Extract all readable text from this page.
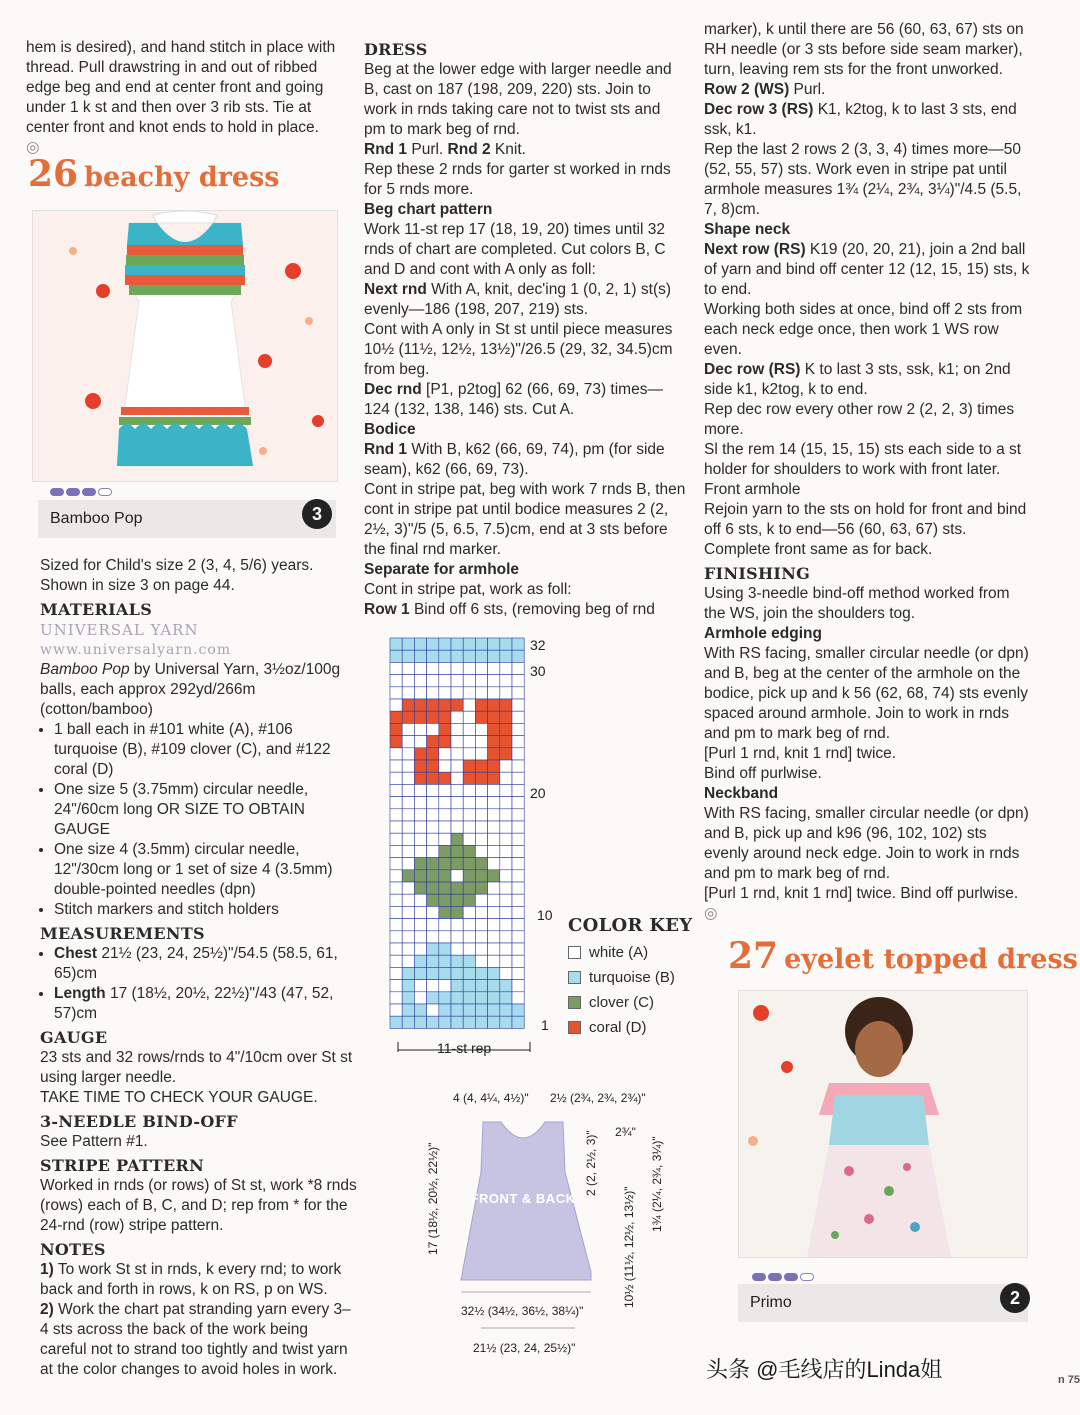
hem is desired), and hand stitch in place with thread. Pull drawstring in and out of ribbed edge beg and end at center front and going under 1 k st and then over 3 rib sts. Tie at center front and knot ends to hold in place. ◎

26 beachy dress
Bamboo Pop	3

Sized for Child's size 2 (3, 4, 5/6) years. Shown in size 3 on page 44.

MATERIALS

UNIVERSAL YARN

www.universalyarn.com

Bamboo Pop by Universal Yarn, 3½oz/100g balls, each approx 292yd/266m (cotton/bamboo)

• 1 ball each in #101 white (A), #106 turquoise (B), #109 clover (C), and #122 coral (D)
• One size 5 (3.75mm) circular needle, 24"/60cm long OR SIZE TO OBTAIN GAUGE
• One size 4 (3.5mm) circular needle, 12"/30cm long or 1 set of size 4 (3.5mm) double-pointed needles (dpn)
• Stitch markers and stitch holders

MEASUREMENTS

• Chest 21½ (23, 24, 25½)"/54.5 (58.5, 61, 65)cm
• Length 17 (18½, 20½, 22½)"/43 (47, 52, 57)cm

GAUGE

23 sts and 32 rows/rnds to 4"/10cm over St st using larger needle.

TAKE TIME TO CHECK YOUR GAUGE.

3-NEEDLE BIND-OFF

See Pattern #1.

STRIPE PATTERN

Worked in rnds (or rows) of St st, work *8 rnds (rows) each of B, C, and D; rep from * for the 24-rnd (row) stripe pattern.

NOTES

1) To work St st in rnds, k every rnd; to work back and forth in rows, k on RS, p on WS.

2) Work the chart pat stranding yarn every 3–4 sts across the back of the work being careful not to strand too tightly and twist yarn at the color changes to avoid holes in work.

DRESS

Beg at the lower edge with larger needle and B, cast on 187 (198, 209, 220) sts. Join to work in rnds taking care not to twist sts and pm to mark beg of rnd.

Rnd 1 Purl. Rnd 2 Knit.

Rep these 2 rnds for garter st worked in rnds for 5 rnds more.

Beg chart pattern

Work 11-st rep 17 (18, 19, 20) times until 32 rnds of chart are completed. Cut colors B, C and D and cont with A only as foll:

Next rnd With A, knit, dec'ing 1 (0, 2, 1) st(s) evenly—186 (198, 207, 219) sts.

Cont with A only in St st until piece measures 10½ (11½, 12½, 13½)"/26.5 (29, 32, 34.5)cm from beg.

Dec rnd [P1, p2tog] 62 (66, 69, 73) times—124 (132, 138, 146) sts. Cut A.

Bodice

Rnd 1 With B, k62 (66, 69, 74), pm (for side seam), k62 (66, 69, 73).

Cont in stripe pat, beg with work 7 rnds B, then cont in stripe pat until bodice measures 2 (2, 2½, 3)"/5 (5, 6.5, 7.5)cm, end at 3 sts before the final rnd marker.

Separate for armhole

Cont in stripe pat, work as foll:

Row 1 Bind off 6 sts, (removing beg of rnd

32
30
20
10
1
11-st rep

COLOR KEY

white (A)
turquoise (B)
clover (C)
coral (D)
4 (4, 4¼, 4½)" 2½ (2¾, 2¾, 2¾)"
FRONT & BACK
17 (18½, 20½, 22½)"	2 (2, 2½, 3)" 2¾"
10½ (11½, 12½, 13½)"
1¾ (2¼, 2¾, 3¼)"
32½ (34½, 36½, 38¼)"
21½ (23, 24, 25½)"

marker), k until there are 56 (60, 63, 67) sts on RH needle (or 3 sts before side seam marker), turn, leaving rem sts for the front unworked. Row 2 (WS) Purl.

Dec row 3 (RS) K1, k2tog, k to last 3 sts, end ssk, k1.

Rep the last 2 rows 2 (3, 3, 4) times more—50 (52, 55, 57) sts. Work even in stripe pat until armhole measures 1¾ (2¼, 2¾, 3¼)"/4.5 (5.5, 7, 8)cm.

Shape neck

Next row (RS) K19 (20, 20, 21), join a 2nd ball of yarn and bind off center 12 (12, 15, 15) sts, k to end.

Working both sides at once, bind off 2 sts from each neck edge once, then work 1 WS row even.

Dec row (RS) K to last 3 sts, ssk, k1; on 2nd side k1, k2tog, k to end.

Rep dec row every other row 2 (2, 2, 3) times more.

Sl the rem 14 (15, 15, 15) sts each side to a st holder for shoulders to work with front later.

Front armhole

Rejoin yarn to the sts on hold for front and bind off 6 sts, k to end—56 (60, 63, 67) sts.

Complete front same as for back.

FINISHING

Using 3-needle bind-off method worked from the WS, join the shoulders tog.

Armhole edging

With RS facing, smaller circular needle (or dpn) and B, beg at the center of the armhole on the bodice, pick up and k 56 (62, 68, 74) sts evenly spaced around armhole. Join to work in rnds and pm to mark beg of rnd.

[Purl 1 rnd, knit 1 rnd] twice.

Bind off purlwise.

Neckband

With RS facing, smaller circular needle (or dpn) and B, pick up and k96 (96, 102, 102) sts evenly around neck edge. Join to work in rnds and pm to mark beg of rnd.

[Purl 1 rnd, knit 1 rnd] twice. Bind off purlwise. ◎

27 eyelet topped dress
Primo	2
头条 @毛线店的Linda姐	n 75
